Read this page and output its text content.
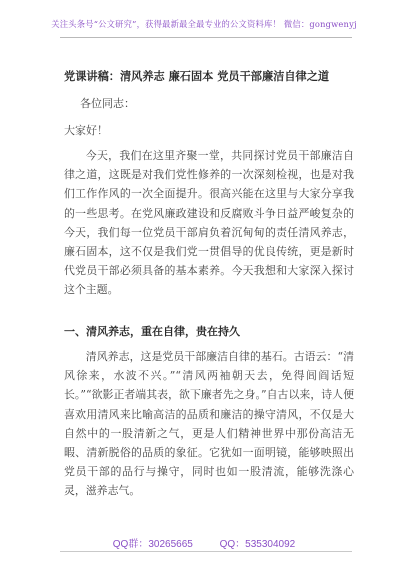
关注头条号“公文研究”，获得最新最全最专业的公文资料库！ 微信：gongwenyj
党课讲稿：清风养志 廉石固本 党员干部廉洁自律之道
各位同志：
大家好！

今天，我们在这里齐聚一堂，共同探讨党员干部廉洁自律之道，这既是对我们党性修养的一次深刻检视，也是对我们工作作风的一次全面提升。很高兴能在这里与大家分享我的一些思考。在党风廉政建设和反腐败斗争日益严峻复杂的今天，我们每一位党员干部肩负着沉甸甸的责任清风养志，廉石固本，这不仅是我们党一贯倡导的优良传统，更是新时代党员干部必须具备的基本素养。今天我想和大家深入探讨这个主题。

一、清风养志，重在自律，贵在持久

清风养志，这是党员干部廉洁自律的基石。古语云：“清风徐来，水波不兴。”“清风两袖朝天去，免得闾阎话短长。”“欲影正者端其表，欲下廉者先之身。”自古以来，诗人便喜欢用清风来比喻高洁的品质和廉洁的操守清风，不仅是大自然中的一股清新之气，更是人们精神世界中那份高洁无暇、清新脱俗的品质的象征。它犹如一面明镜，能够映照出党员干部的品行与操守，同时也如一股清流，能够洗涤心灵，滋养志气。

QQ群：30265665	QQ：535304092
